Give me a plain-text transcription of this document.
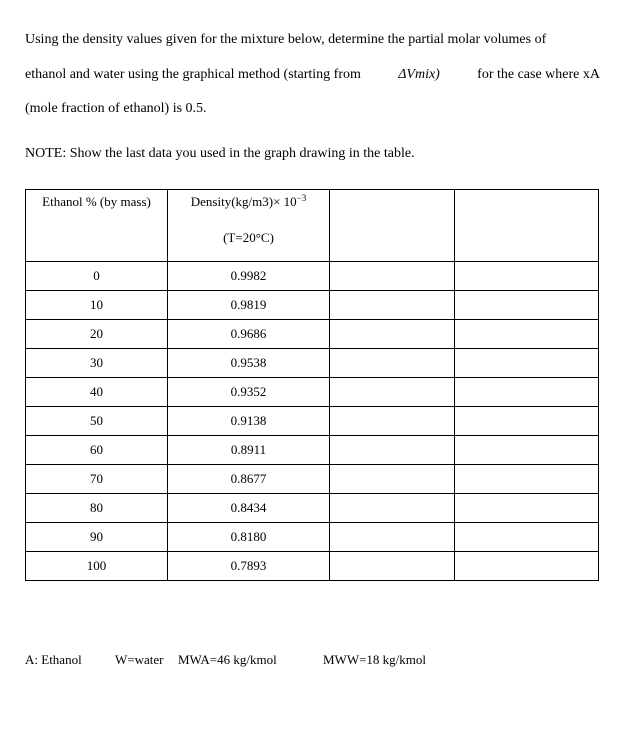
Using the density values given for the mixture below, determine the partial molar volumes of
ethanol and water using the graphical method (starting from	ΔVmix)	for the case where xA
(mole fraction of ethanol) is 0.5.
NOTE: Show the last data you used in the graph drawing in the table.
Ethanol % (by mass)	Density(kg/m3)× $10^{-3}$
(T=20°C)		

0	0.9982		
10	0.9819		
20	0.9686		
30	0.9538		
40	0.9352		
50	0.9138		
60	0.8911		
70	0.8677		
80	0.8434		
90	0.8180		
100	0.7893		
A: Ethanol	W=water MWA=46 kg/kmol	MWW=18 kg/kmol
